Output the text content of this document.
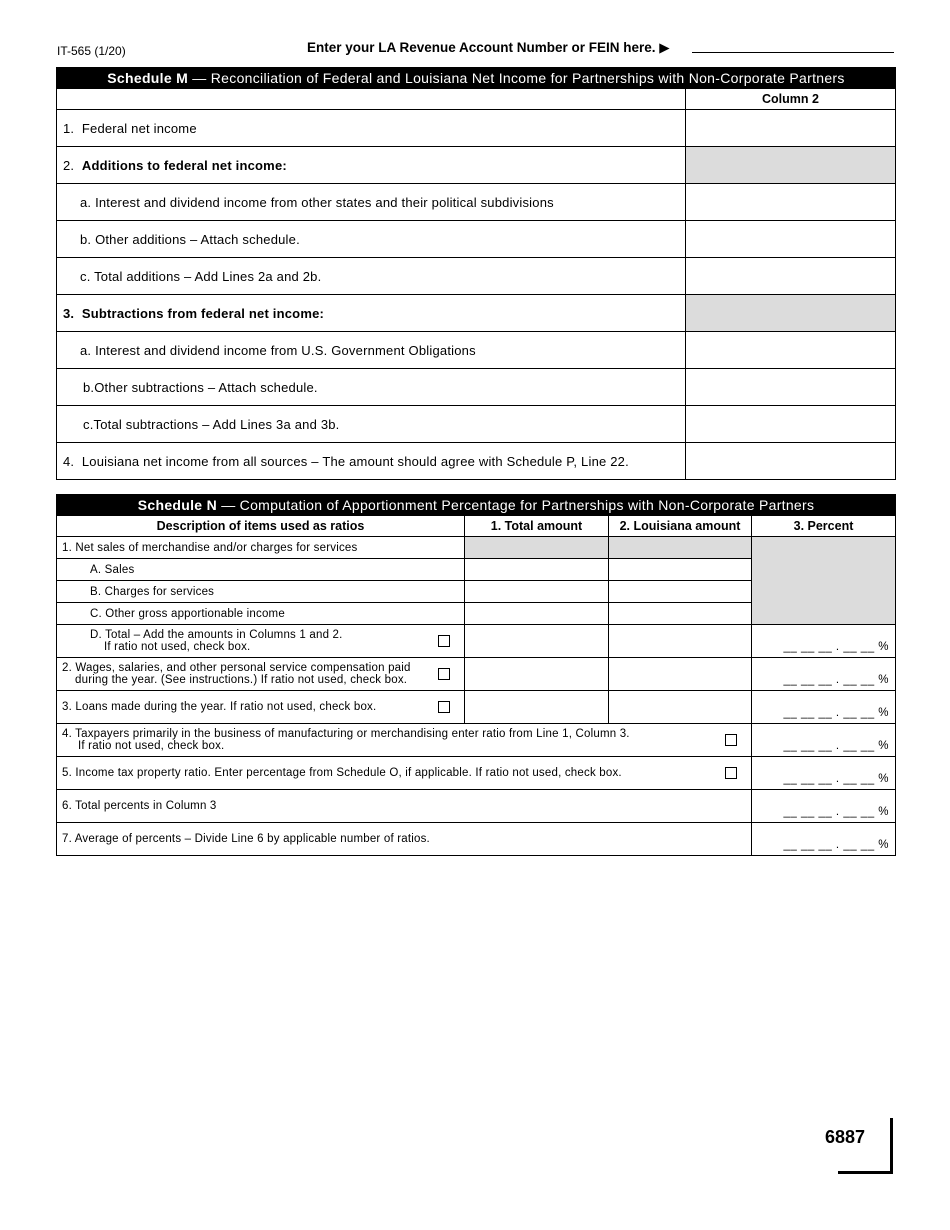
IT-565 (1/20)	Enter your LA Revenue Account Number or FEIN here. ▶
Schedule M — Reconciliation of Federal and Louisiana Net Income for Partnerships with Non-Corporate Partners	
	Column 2
1. Federal net income	
2. Additions to federal net income:	
a. Interest and dividend income from other states and their political subdivisions	
b. Other additions – Attach schedule.	
c. Total additions – Add Lines 2a and 2b.	
3. Subtractions from federal net income:	
a. Interest and dividend income from U.S. Government Obligations	
b.Other subtractions – Attach schedule.	
c.Total subtractions – Add Lines 3a and 3b.	
4. Louisiana net income from all sources – The amount should agree with Schedule P, Line 22.	
Schedule N — Computation of Apportionment Percentage for Partnerships with Non-Corporate Partners			
Description of items used as ratios	1. Total amount	2. Louisiana amount	3. Percent
1. Net sales of merchandise and/or charges for services			
A. Sales			
B. Charges for services			
C. Other gross apportionable income			

D. Total – Add the amounts in Columns 1 and 2.
If ratio not used, check box.			__ __ __ . __ __ %

2. Wages, salaries, and other personal service compensation paid
during the year. (See instructions.) If ratio not used, check box.			__ __ __ . __ __ %

3. Loans made during the year. If ratio not used, check box.			__ __ __ . __ __ %

4. Taxpayers primarily in the business of manufacturing or merchandising enter ratio from Line 1, Column 3.
If ratio not used, check box.			__ __ __ . __ __ %

5. Income tax property ratio. Enter percentage from Schedule O, if applicable. If ratio not used, check box.			__ __ __ . __ __ %
6. Total percents in Column 3			__ __ __ . __ __ %
7. Average of percents – Divide Line 6 by applicable number of ratios.			__ __ __ . __ __ %
6887
